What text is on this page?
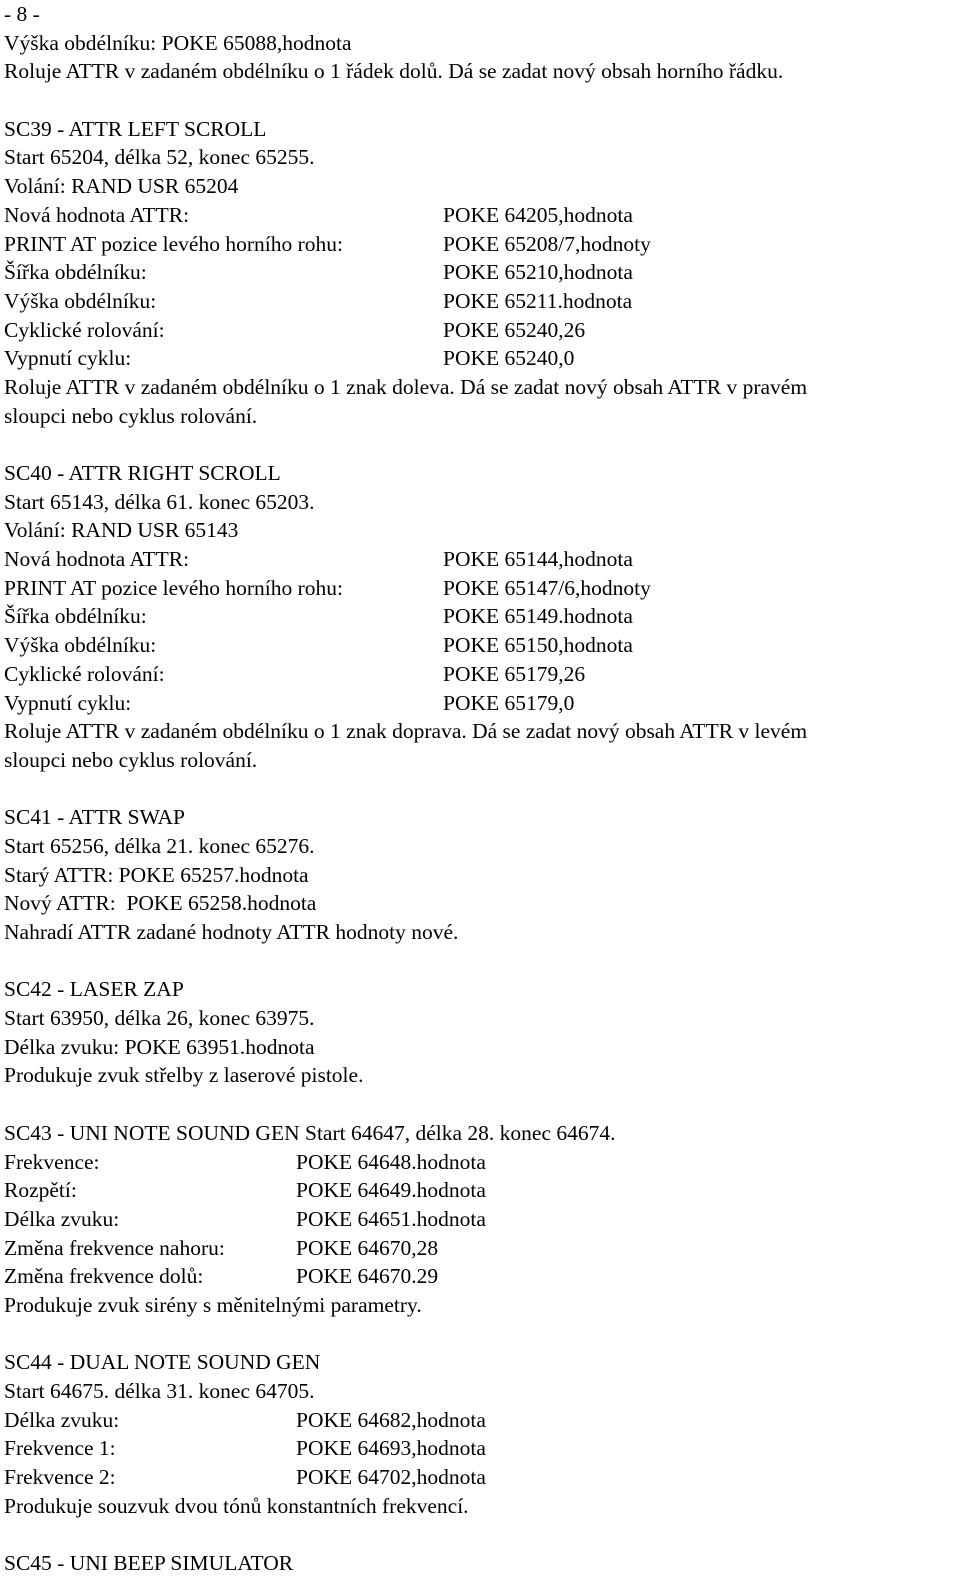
- 8 -
Výška obdélníku: POKE 65088,hodnota
Roluje ATTR v zadaném obdélníku o 1 řádek dolů. Dá se zadat nový obsah horního řádku.
SC39 - ATTR LEFT SCROLL
Start 65204, délka 52, konec 65255.
Volání: RAND USR 65204
Nová hodnota ATTR:	POKE 64205,hodnota
PRINT AT pozice levého horního rohu:	POKE 65208/7,hodnoty
Šířka obdélníku:	POKE 65210,hodnota
Výška obdélníku:	POKE 65211.hodnota
Cyklické rolování:	POKE 65240,26
Vypnutí cyklu:	POKE 65240,0
Roluje ATTR v zadaném obdélníku o 1 znak doleva. Dá se zadat nový obsah ATTR v pravém
sloupci nebo cyklus rolování.
SC40 - ATTR RIGHT SCROLL
Start 65143, délka 61. konec 65203.
Volání: RAND USR 65143
Nová hodnota ATTR:	POKE 65144,hodnota
PRINT AT pozice levého horního rohu:	POKE 65147/6,hodnoty
Šířka obdélníku:	POKE 65149.hodnota
Výška obdélníku:	POKE 65150,hodnota
Cyklické rolování:	POKE 65179,26
Vypnutí cyklu:	POKE 65179,0
Roluje ATTR v zadaném obdélníku o 1 znak doprava. Dá se zadat nový obsah ATTR v levém
sloupci nebo cyklus rolování.
SC41 - ATTR SWAP
Start 65256, délka 21. konec 65276.
Starý ATTR: POKE 65257.hodnota
Nový ATTR:  POKE 65258.hodnota
Nahradí ATTR zadané hodnoty ATTR hodnoty nové.
SC42 - LASER ZAP
Start 63950, délka 26, konec 63975.
Délka zvuku: POKE 63951.hodnota
Produkuje zvuk střelby z laserové pistole.
SC43 - UNI NOTE SOUND GEN Start 64647, délka 28. konec 64674.
Frekvence:	POKE 64648.hodnota
Rozpětí:	POKE 64649.hodnota
Délka zvuku:	POKE 64651.hodnota
Změna frekvence nahoru:	POKE 64670,28
Změna frekvence dolů:	POKE 64670.29
Produkuje zvuk sirény s měnitelnými parametry.
SC44 - DUAL NOTE SOUND GEN
Start 64675. délka 31. konec 64705.
Délka zvuku:	POKE 64682,hodnota
Frekvence 1:	POKE 64693,hodnota
Frekvence 2:	POKE 64702,hodnota
Produkuje souzvuk dvou tónů konstantních frekvencí.
SC45 - UNI BEEP SIMULATOR
